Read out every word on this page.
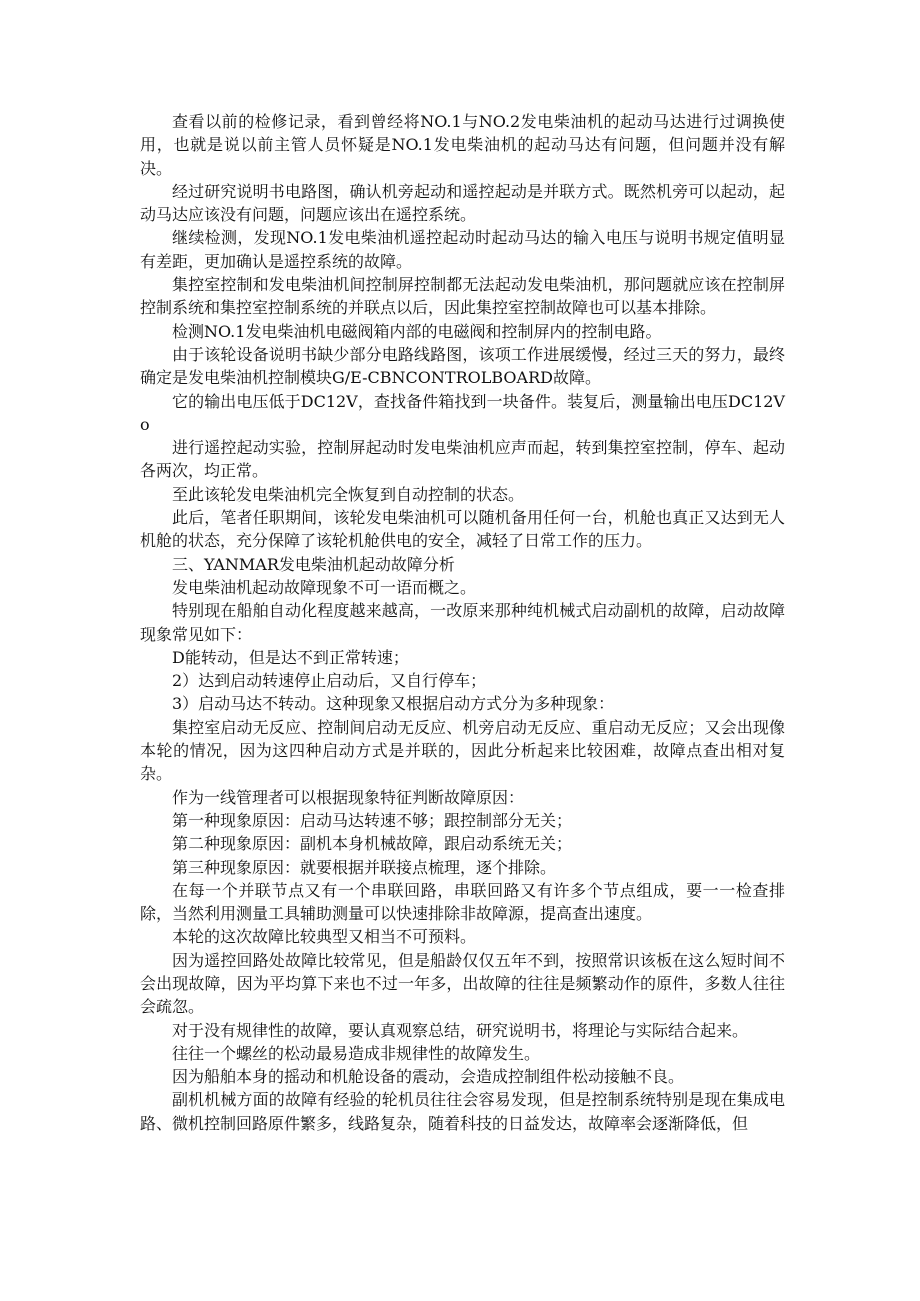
查看以前的检修记录，看到曾经将NO.1与NO.2发电柴油机的起动马达进行过调换使用，也就是说以前主管人员怀疑是NO.1发电柴油机的起动马达有问题，但问题并没有解决。

经过研究说明书电路图，确认机旁起动和遥控起动是并联方式。既然机旁可以起动，起动马达应该没有问题，问题应该出在遥控系统。

继续检测，发现NO.1发电柴油机遥控起动时起动马达的输入电压与说明书规定值明显有差距，更加确认是遥控系统的故障。

集控室控制和发电柴油机间控制屏控制都无法起动发电柴油机，那问题就应该在控制屏控制系统和集控室控制系统的并联点以后，因此集控室控制故障也可以基本排除。

检测NO.1发电柴油机电磁阀箱内部的电磁阀和控制屏内的控制电路。

由于该轮设备说明书缺少部分电路线路图，该项工作进展缓慢，经过三天的努力，最终确定是发电柴油机控制模块G/E-CBNCONTROLBOARD故障。

它的输出电压低于DC12V，查找备件箱找到一块备件。装复后，测量输出电压DC12Vo

进行遥控起动实验，控制屏起动时发电柴油机应声而起，转到集控室控制，停车、起动各两次，均正常。

至此该轮发电柴油机完全恢复到自动控制的状态。

此后，笔者任职期间，该轮发电柴油机可以随机备用任何一台，机舱也真正又达到无人机舱的状态，充分保障了该轮机舱供电的安全，减轻了日常工作的压力。

三、YANMAR发电柴油机起动故障分析

发电柴油机起动故障现象不可一语而概之。

特别现在船舶自动化程度越来越高，一改原来那种纯机械式启动副机的故障，启动故障现象常见如下：

D能转动，但是达不到正常转速；

2）达到启动转速停止启动后，又自行停车；

3）启动马达不转动。这种现象又根据启动方式分为多种现象：

集控室启动无反应、控制间启动无反应、机旁启动无反应、重启动无反应；又会出现像本轮的情况，因为这四种启动方式是并联的，因此分析起来比较困难，故障点查出相对复杂。

作为一线管理者可以根据现象特征判断故障原因：

第一种现象原因：启动马达转速不够；跟控制部分无关；

第二种现象原因：副机本身机械故障，跟启动系统无关；

第三种现象原因：就要根据并联接点梳理，逐个排除。

在每一个并联节点又有一个串联回路，串联回路又有许多个节点组成，要一一检查排除，当然利用测量工具辅助测量可以快速排除非故障源，提高查出速度。

本轮的这次故障比较典型又相当不可预料。

因为遥控回路处故障比较常见，但是船龄仅仅五年不到，按照常识该板在这么短时间不会出现故障，因为平均算下来也不过一年多，出故障的往往是频繁动作的原件，多数人往往会疏忽。

对于没有规律性的故障，要认真观察总结，研究说明书，将理论与实际结合起来。

往往一个螺丝的松动最易造成非规律性的故障发生。

因为船舶本身的摇动和机舱设备的震动，会造成控制组件松动接触不良。

副机机械方面的故障有经验的轮机员往往会容易发现，但是控制系统特别是现在集成电路、微机控制回路原件繁多，线路复杂，随着科技的日益发达，故障率会逐渐降低，但
